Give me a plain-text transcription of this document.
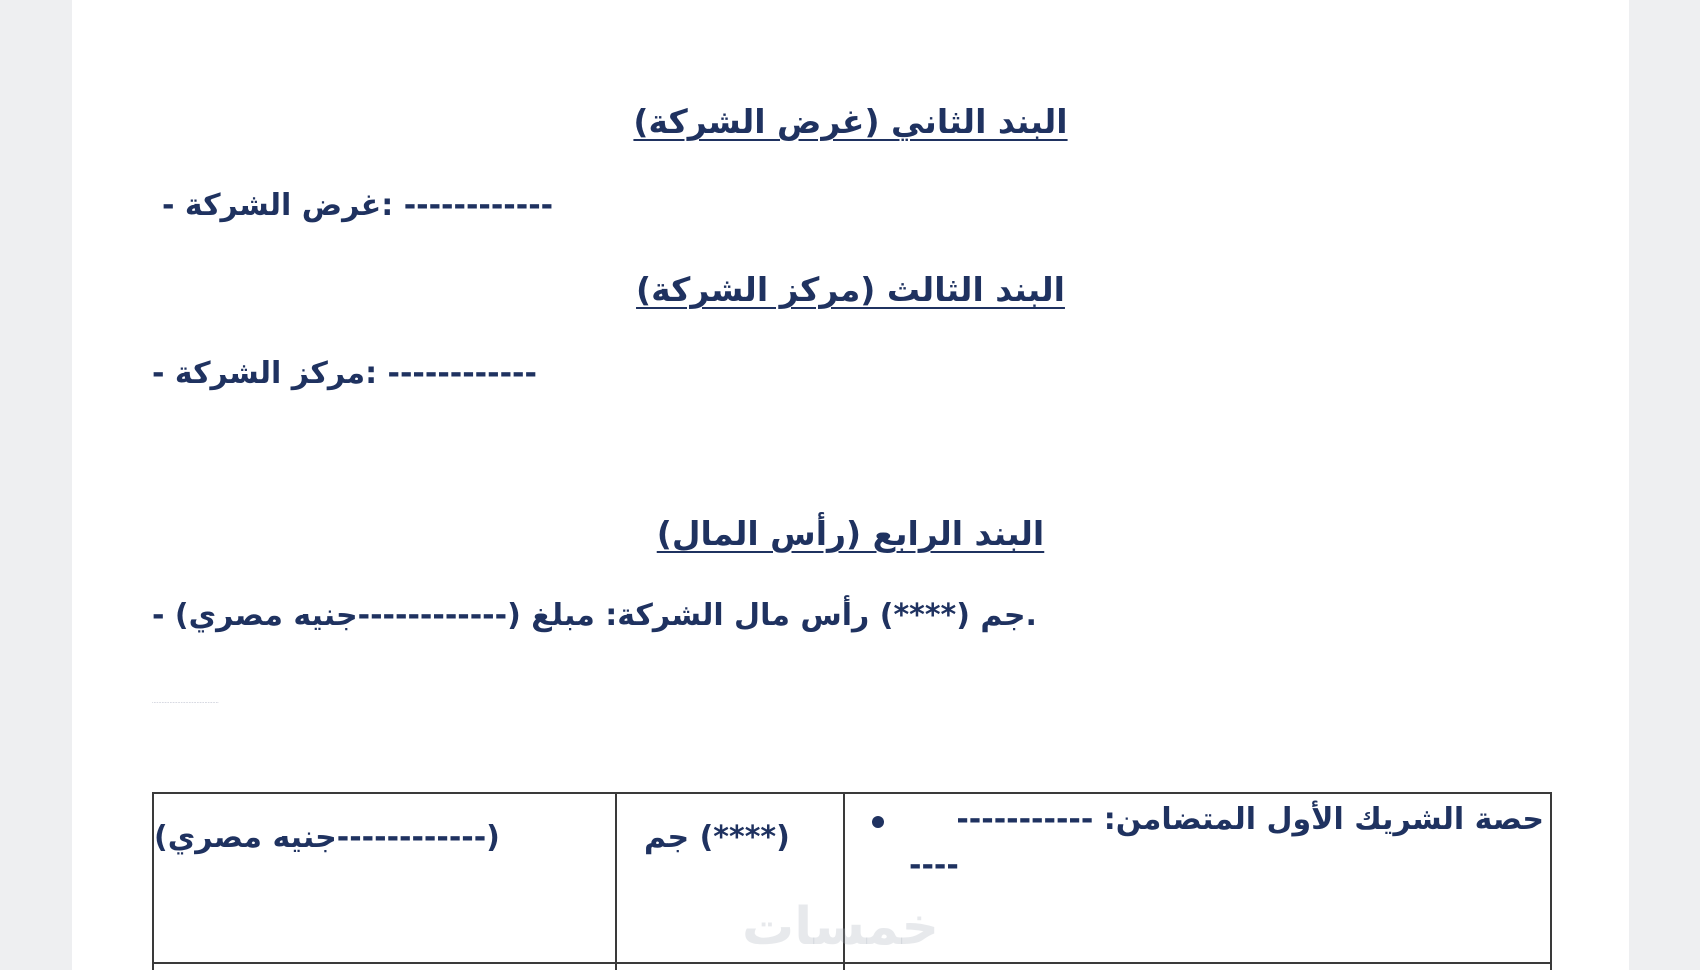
البند الثاني (غرض الشركة)
- غرض الشركة: ------------
البند الثالث (مركز الشركة)
- مركز الشركة: ------------
البند الرابع (رأس المال)
- (جنيه مصري------------) جم (****) رأس مال الشركة: مبلغ.
··········································
(جنيه مصري------------)	جم (****)
حصة الشريك الأول المتضامن: -----------
----
خمسات
